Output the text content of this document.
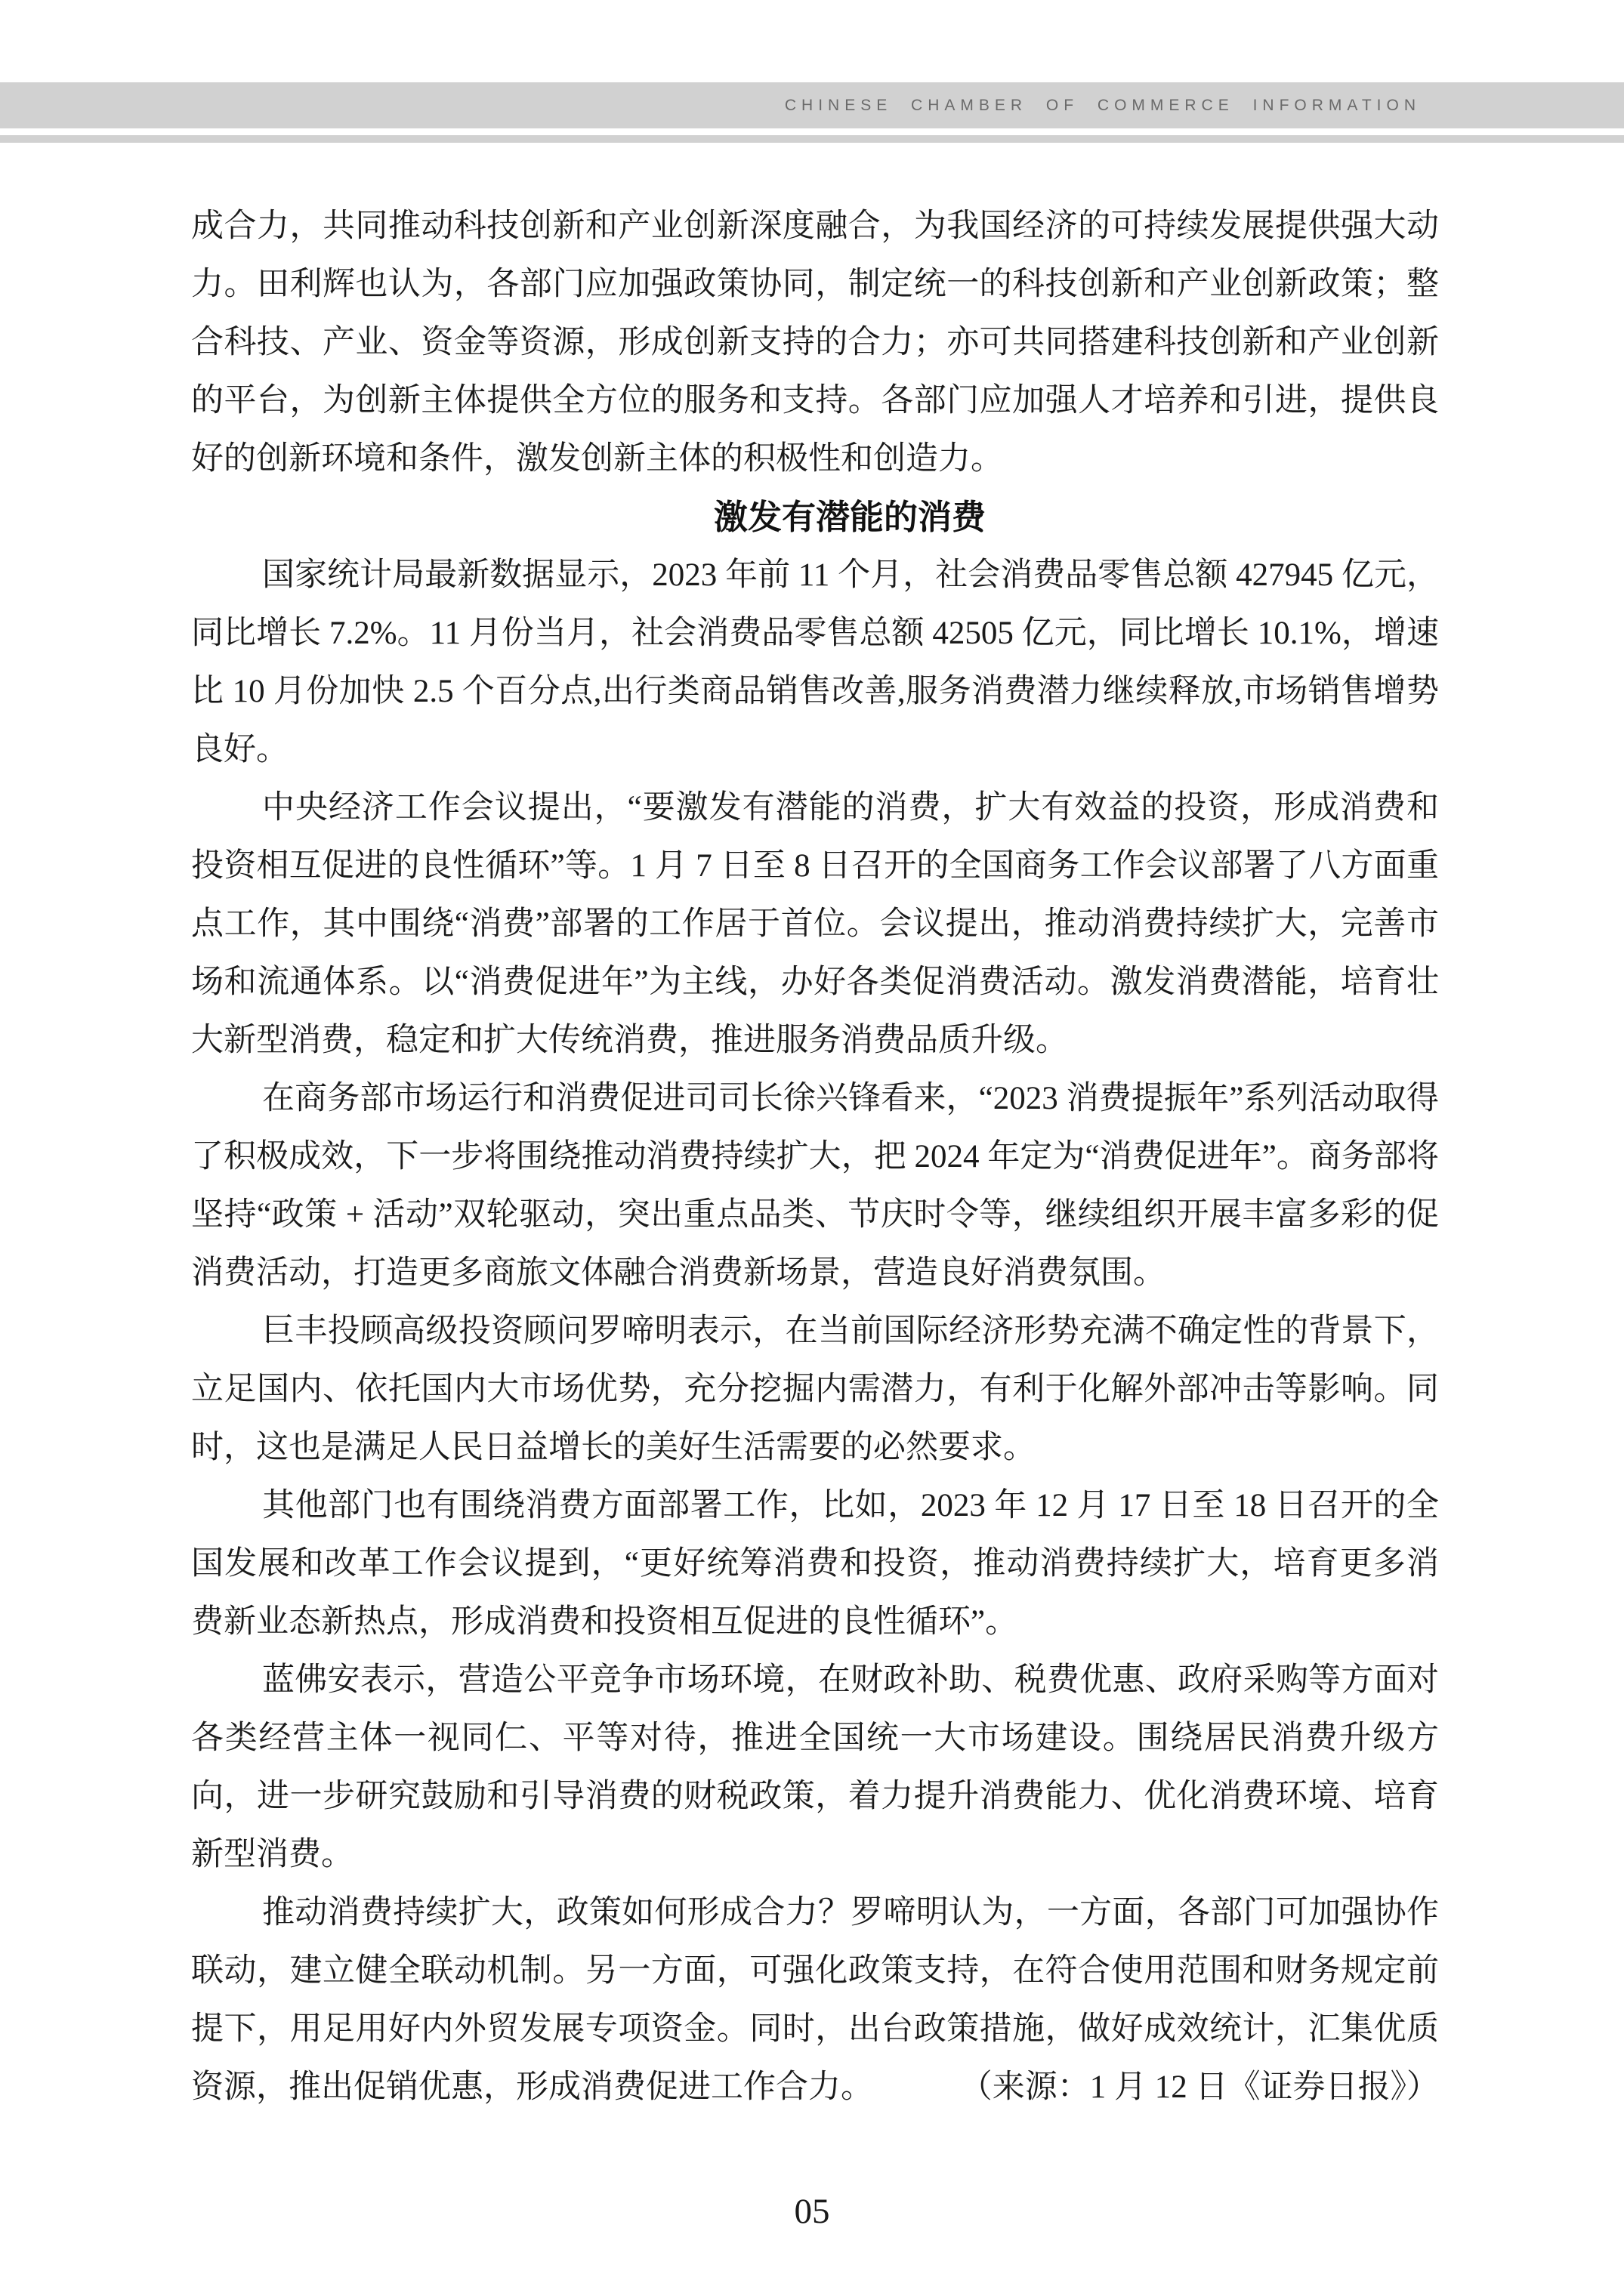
CHINESE CHAMBER OF COMMERCE INFORMATION

成合力，共同推动科技创新和产业创新深度融合，为我国经济的可持续发展提供强大动力。田利辉也认为，各部门应加强政策协同，制定统一的科技创新和产业创新政策；整合科技、产业、资金等资源，形成创新支持的合力；亦可共同搭建科技创新和产业创新的平台，为创新主体提供全方位的服务和支持。各部门应加强人才培养和引进，提供良好的创新环境和条件，激发创新主体的积极性和创造力。

激发有潜能的消费

国家统计局最新数据显示，2023 年前 11 个月，社会消费品零售总额 427945 亿元，同比增长 7.2%。11 月份当月，社会消费品零售总额 42505 亿元，同比增长 10.1%，增速比 10 月份加快 2.5 个百分点,出行类商品销售改善,服务消费潜力继续释放,市场销售增势良好。

中央经济工作会议提出，“要激发有潜能的消费，扩大有效益的投资，形成消费和投资相互促进的良性循环”等。1 月 7 日至 8 日召开的全国商务工作会议部署了八方面重点工作，其中围绕“消费”部署的工作居于首位。会议提出，推动消费持续扩大，完善市场和流通体系。以“消费促进年”为主线，办好各类促消费活动。激发消费潜能，培育壮大新型消费，稳定和扩大传统消费，推进服务消费品质升级。

在商务部市场运行和消费促进司司长徐兴锋看来，“2023 消费提振年”系列活动取得了积极成效，下一步将围绕推动消费持续扩大，把 2024 年定为“消费促进年”。商务部将坚持“政策 + 活动”双轮驱动，突出重点品类、节庆时令等，继续组织开展丰富多彩的促消费活动，打造更多商旅文体融合消费新场景，营造良好消费氛围。

巨丰投顾高级投资顾问罗啼明表示，在当前国际经济形势充满不确定性的背景下，立足国内、依托国内大市场优势，充分挖掘内需潜力，有利于化解外部冲击等影响。同时，这也是满足人民日益增长的美好生活需要的必然要求。

其他部门也有围绕消费方面部署工作，比如，2023 年 12 月 17 日至 18 日召开的全国发展和改革工作会议提到，“更好统筹消费和投资，推动消费持续扩大，培育更多消费新业态新热点，形成消费和投资相互促进的良性循环”。

蓝佛安表示，营造公平竞争市场环境，在财政补助、税费优惠、政府采购等方面对各类经营主体一视同仁、平等对待，推进全国统一大市场建设。围绕居民消费升级方向，进一步研究鼓励和引导消费的财税政策，着力提升消费能力、优化消费环境、培育新型消费。

推动消费持续扩大，政策如何形成合力？罗啼明认为，一方面，各部门可加强协作联动，建立健全联动机制。另一方面，可强化政策支持，在符合使用范围和财务规定前提下，用足用好内外贸发展专项资金。同时，出台政策措施，做好成效统计，汇集优质资源，推出促销优惠，形成消费促进工作合力。	（来源：1 月 12 日《证券日报》）

05
